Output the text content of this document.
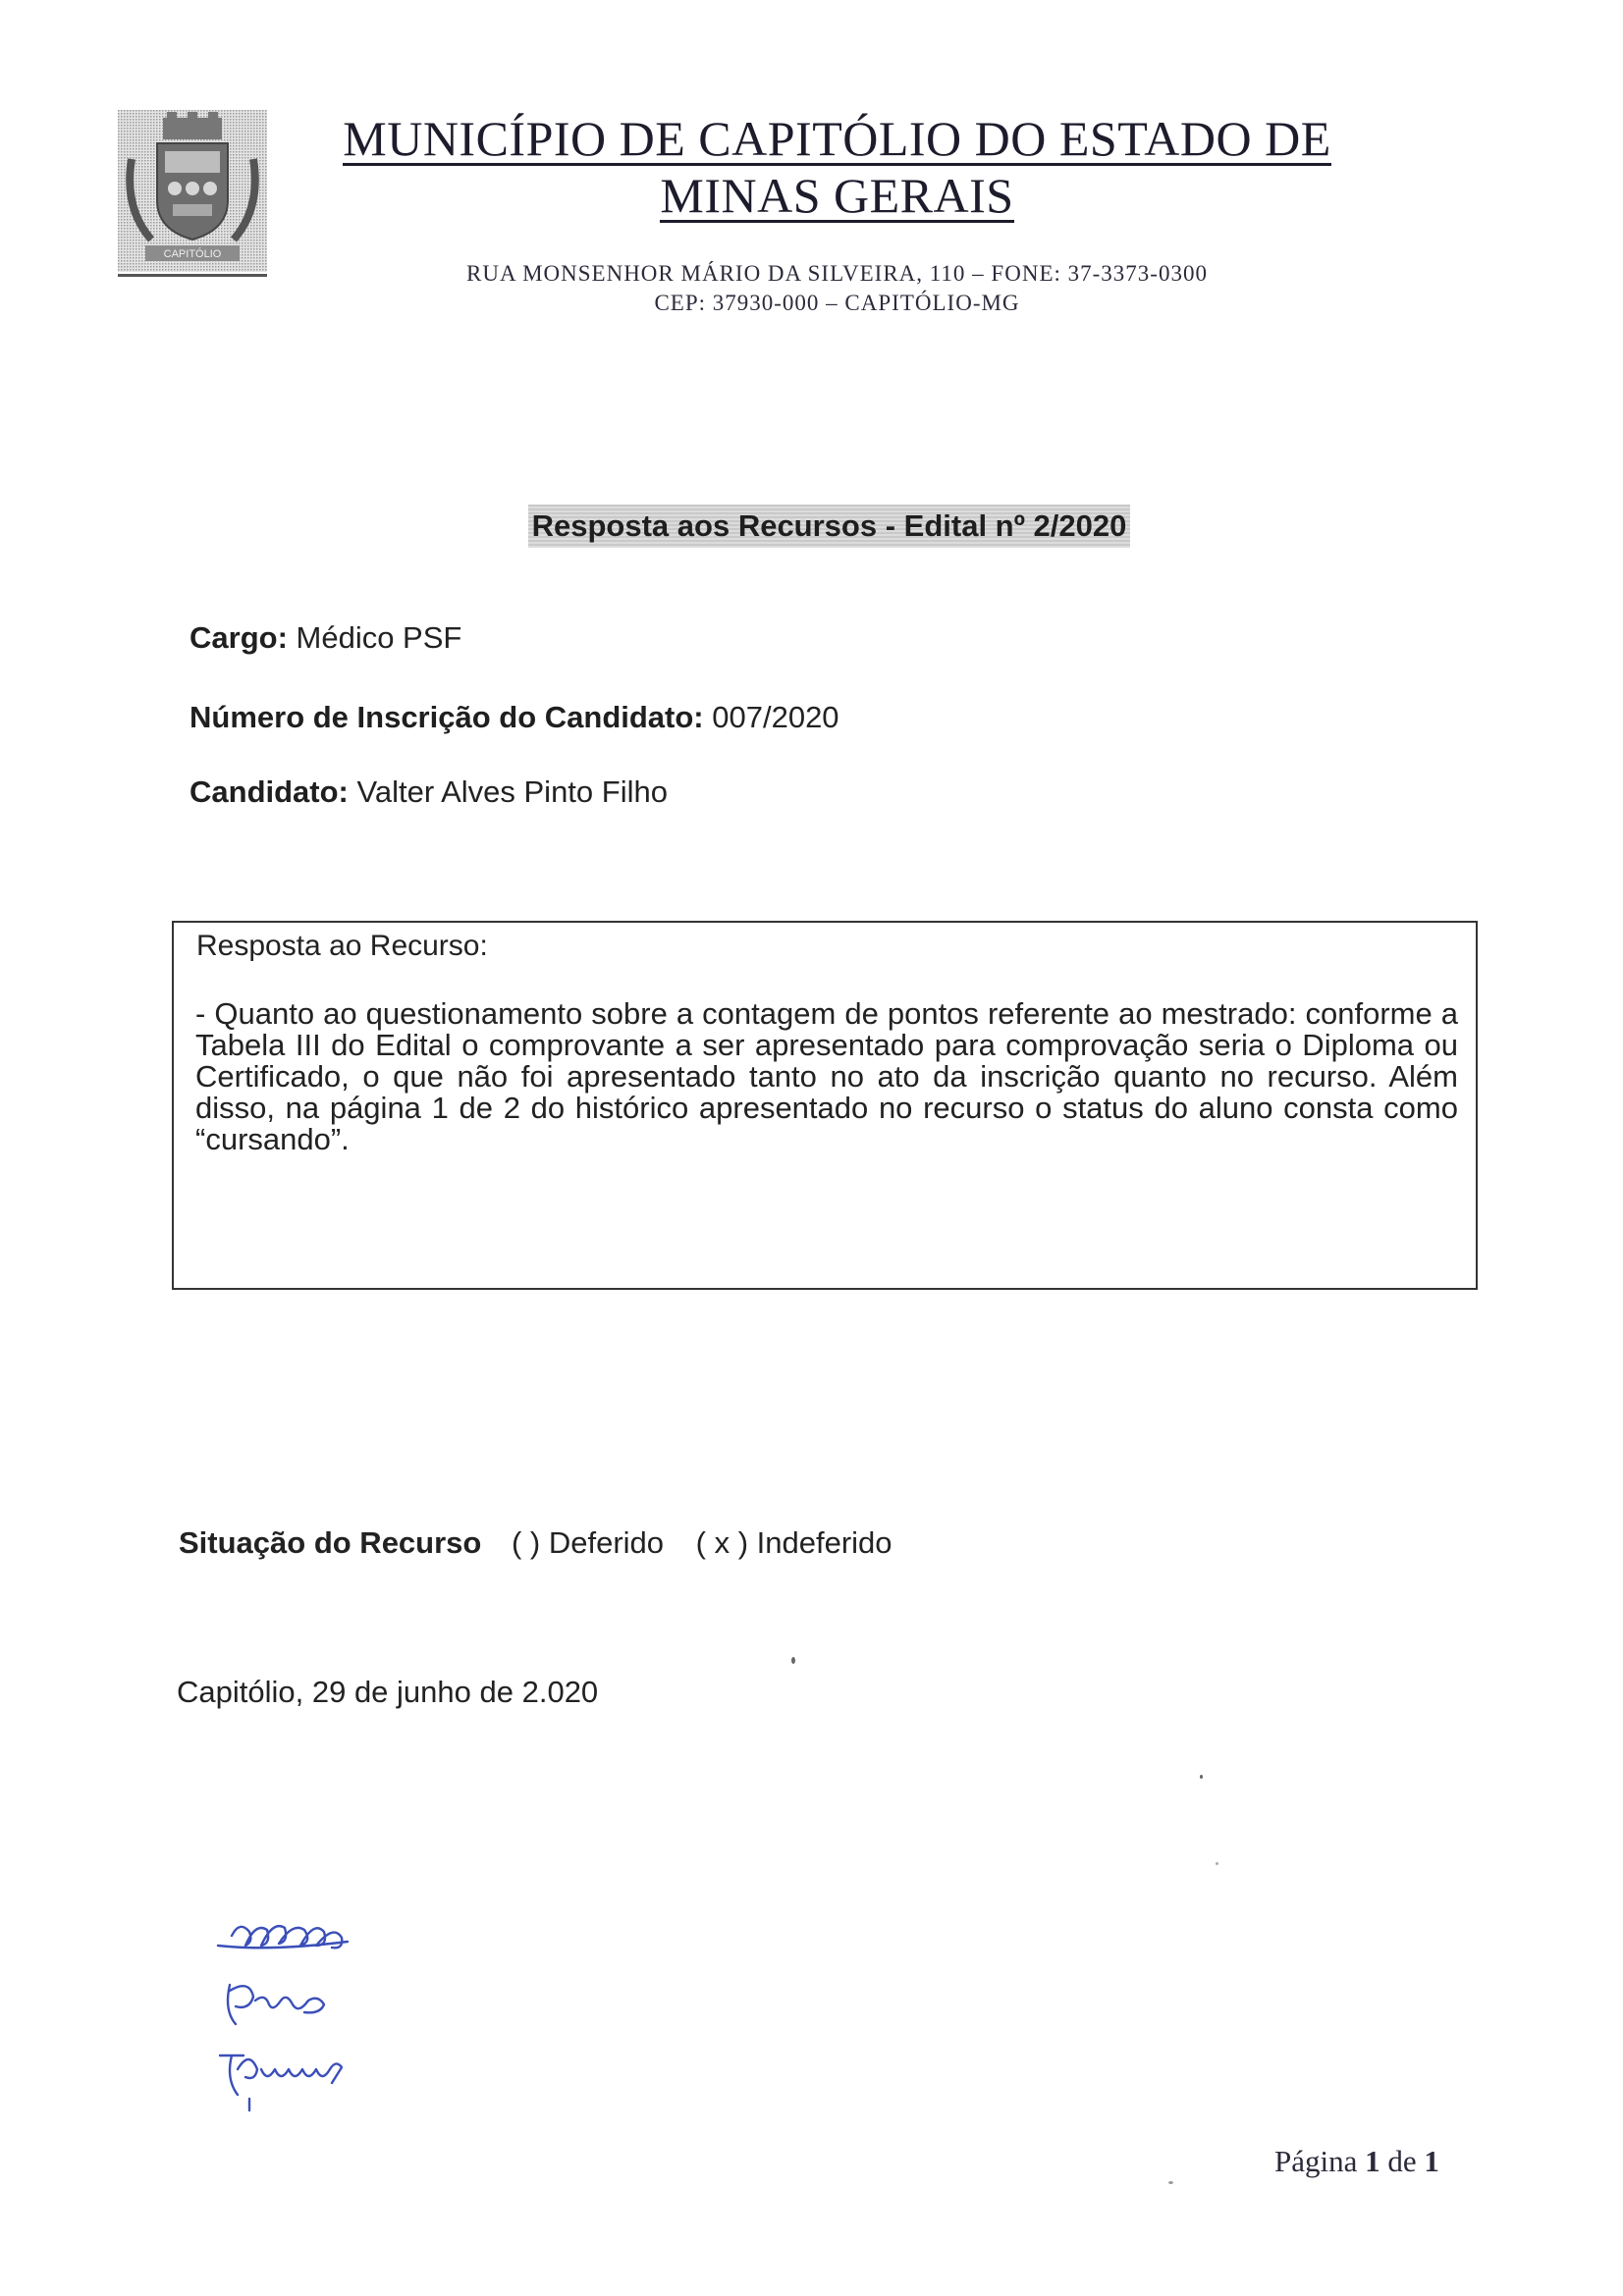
CAPITÓLIO
MUNICÍPIO DE CAPITÓLIO DO ESTADO DE
MINAS GERAIS
RUA MONSENHOR MÁRIO DA SILVEIRA, 110 – FONE: 37-3373-0300
CEP: 37930-000 – CAPITÓLIO-MG
Resposta aos Recursos - Edital nº 2/2020
Cargo: Médico PSF
Número de Inscrição do Candidato: 007/2020
Candidato: Valter Alves Pinto Filho
Resposta ao Recurso:
- Quanto ao questionamento sobre a contagem de pontos referente ao mestrado: conforme a Tabela III do Edital o comprovante a ser apresentado para comprovação seria o Diploma ou Certificado, o que não foi apresentado tanto no ato da inscrição quanto no recurso. Além disso, na página 1 de 2 do histórico apresentado no recurso o status do aluno consta como “cursando”.
Situação do Recurso ( ) Deferido ( x ) Indeferido
Capitólio, 29 de junho de 2.020
Página 1 de 1
